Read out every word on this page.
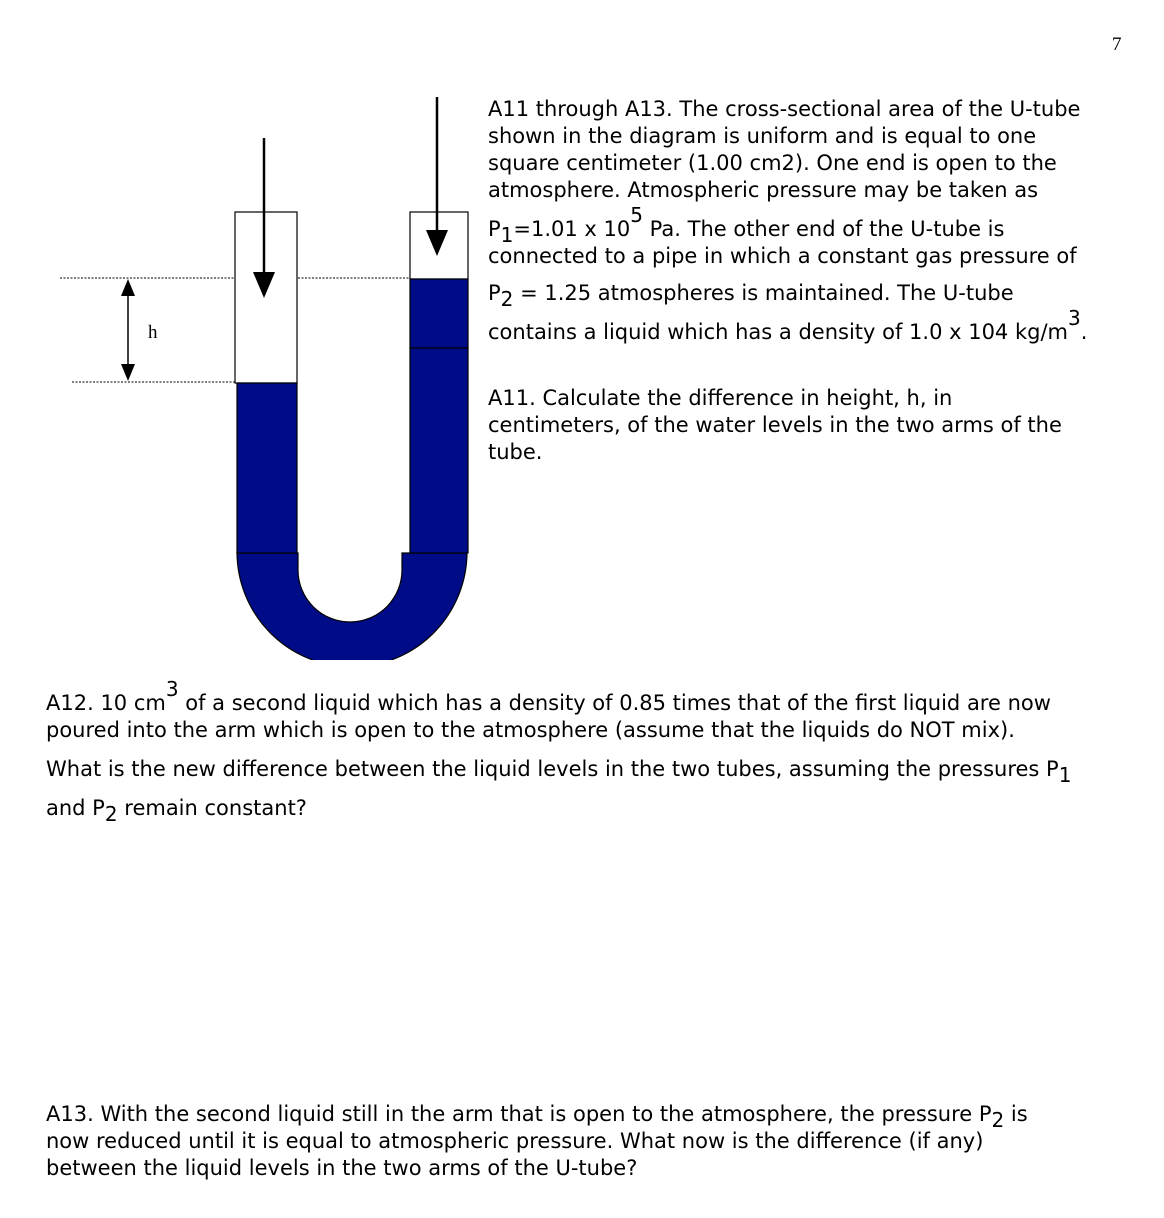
7
h
A11 through A13. The cross-sectional area of the U-tube
shown in the diagram is uniform and is equal to one
square centimeter (1.00 cm2). One end is open to the
atmosphere. Atmospheric pressure may be taken as
$P_1=1.01$ x $10^5$ Pa. The other end of the U-tube is
connected to a pipe in which a constant gas pressure of
$P_2 = 1.25$ atmospheres is maintained. The U-tube
contains a liquid which has a density of 1.0 x 104 $kg/m^3$.
A11. Calculate the difference in height, h, in
centimeters, of the water levels in the two arms of the
tube.
A12. 10 $cm^3$ of a second liquid which has a density of 0.85 times that of the first liquid are now
poured into the arm which is open to the atmosphere (assume that the liquids do NOT mix).
What is the new difference between the liquid levels in the two tubes, assuming the pressures $P_1$
and $P_2$ remain constant?
A13. With the second liquid still in the arm that is open to the atmosphere, the pressure $P_2$ is
now reduced until it is equal to atmospheric pressure. What now is the difference (if any)
between the liquid levels in the two arms of the U-tube?
